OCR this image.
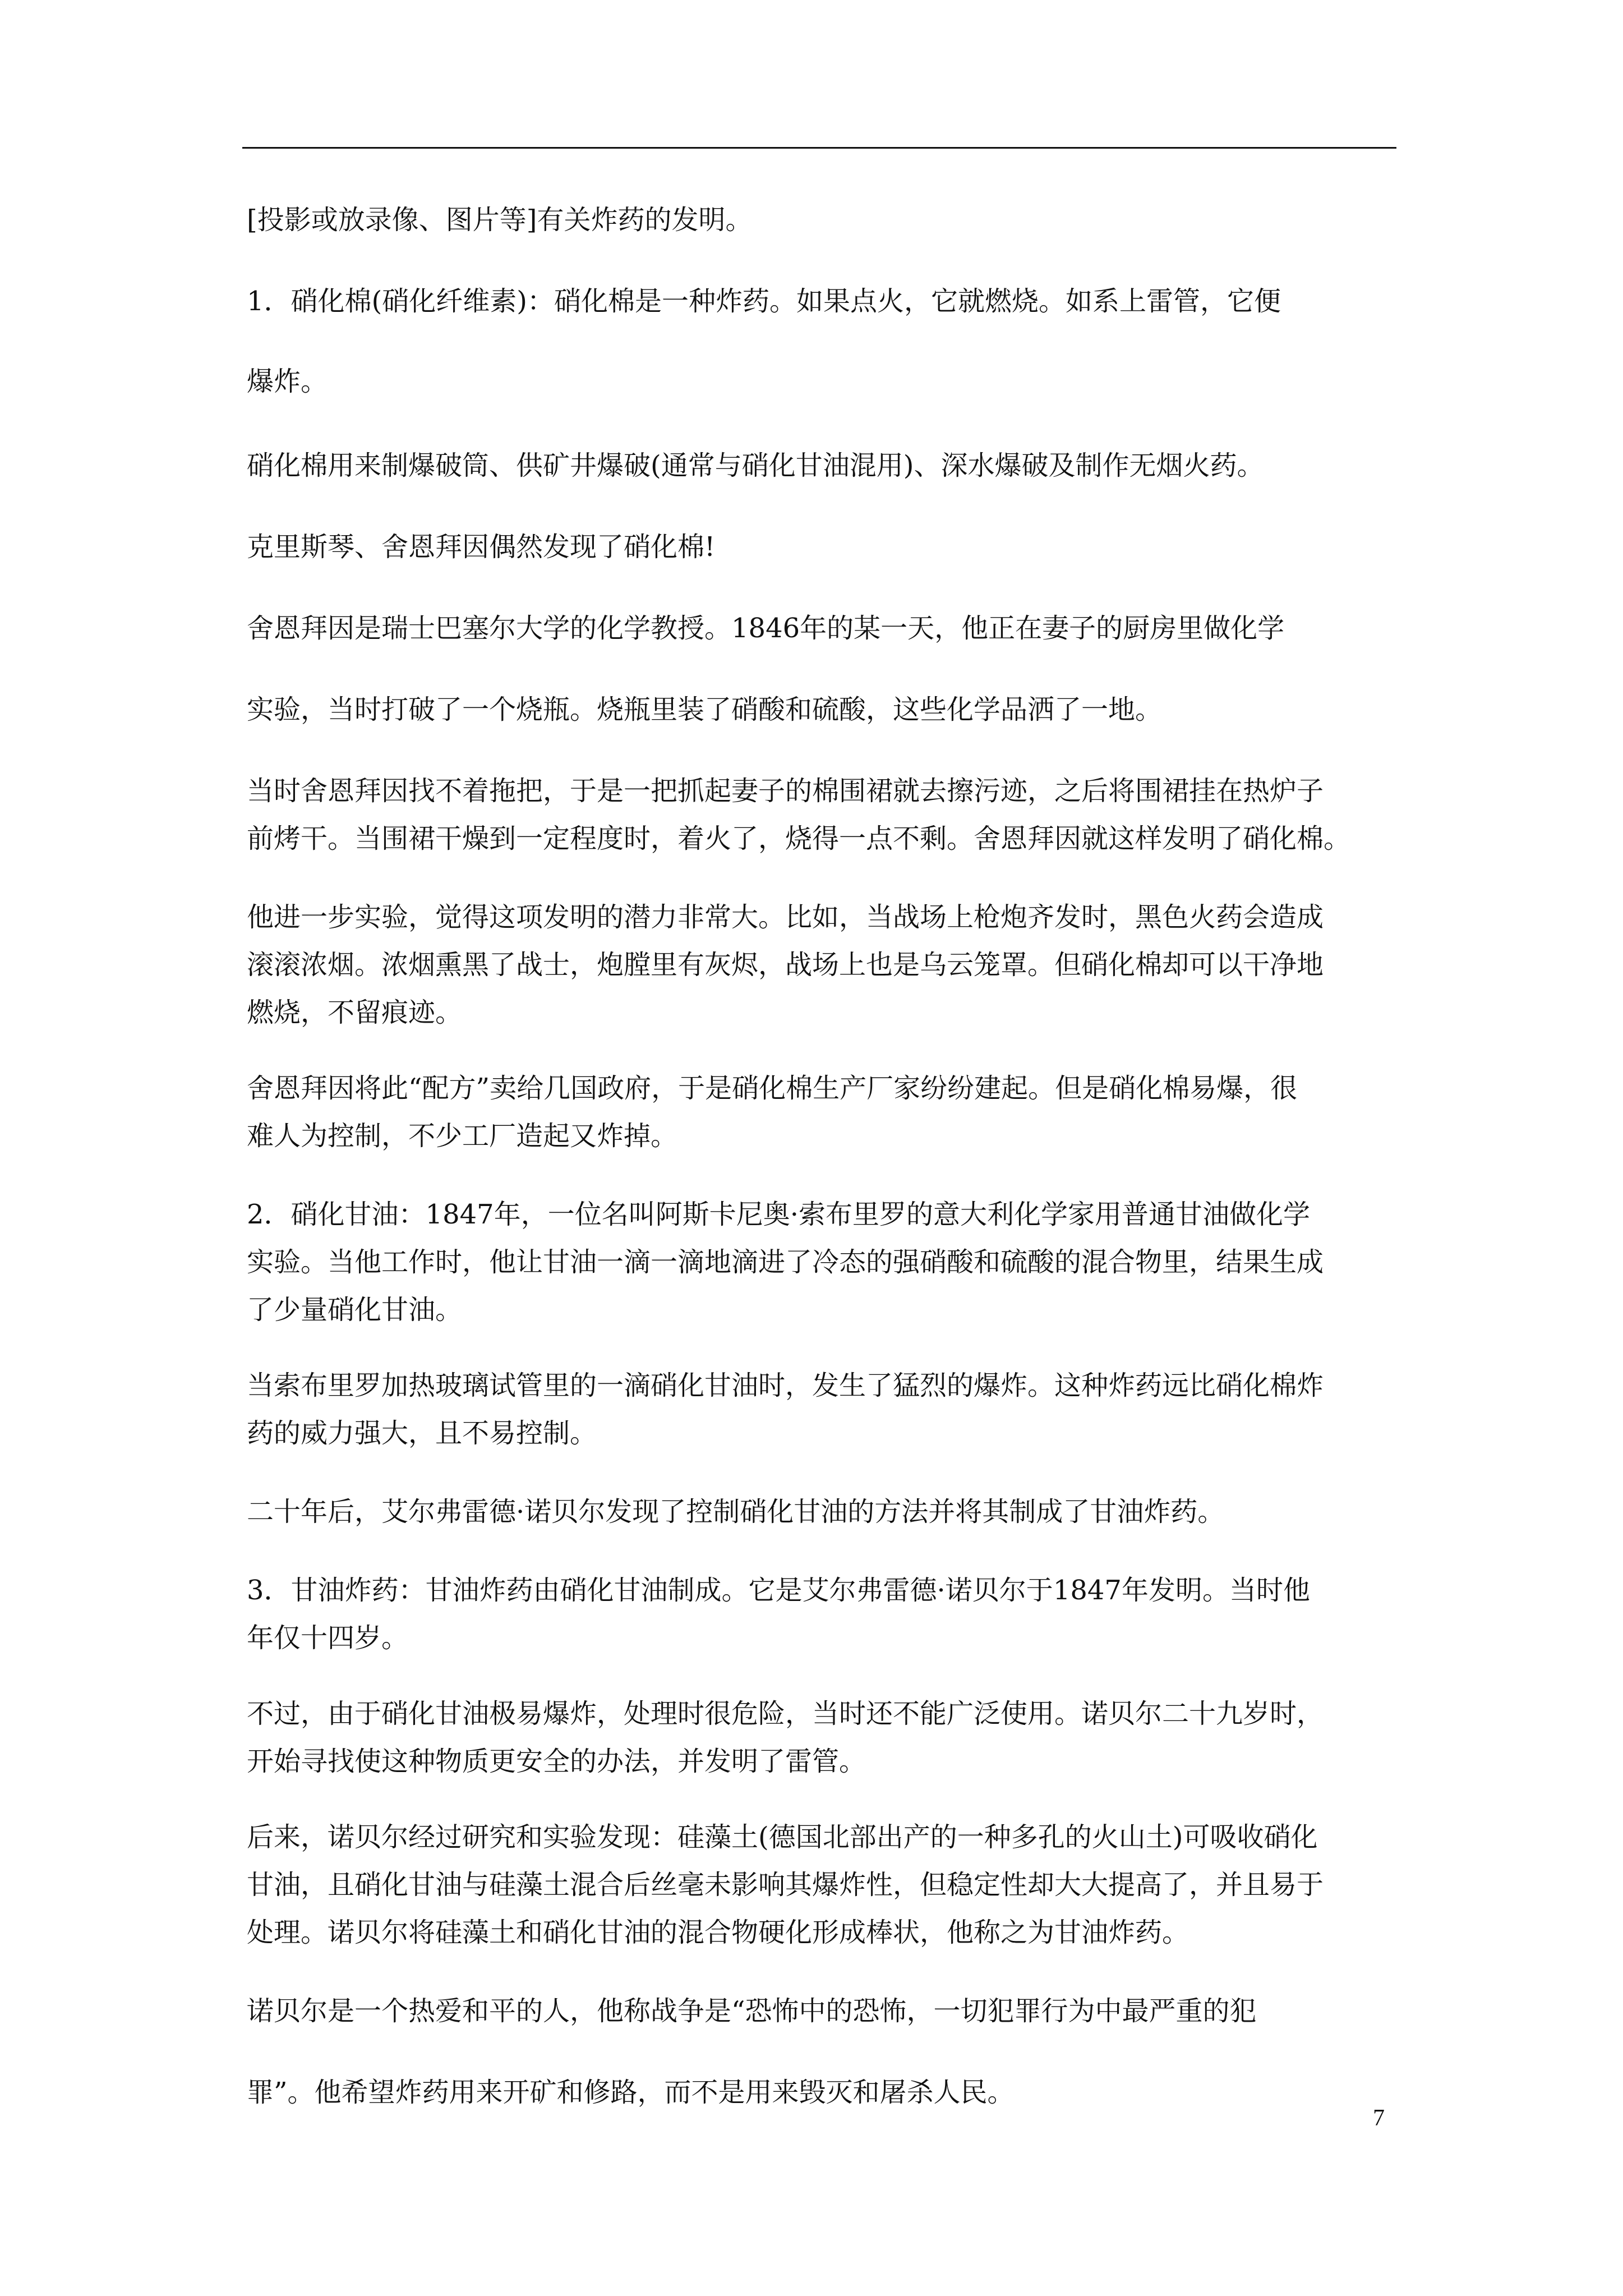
[投影或放录像、图片等]有关炸药的发明。
1．硝化棉(硝化纤维素)：硝化棉是一种炸药。如果点火，它就燃烧。如系上雷管，它便
爆炸。
硝化棉用来制爆破筒、供矿井爆破(通常与硝化甘油混用)、深水爆破及制作无烟火药。
克里斯琴、舍恩拜因偶然发现了硝化棉!
舍恩拜因是瑞士巴塞尔大学的化学教授。1846年的某一天，他正在妻子的厨房里做化学
实验，当时打破了一个烧瓶。烧瓶里装了硝酸和硫酸，这些化学品洒了一地。
当时舍恩拜因找不着拖把，于是一把抓起妻子的棉围裙就去擦污迹，之后将围裙挂在热炉子
前烤干。当围裙干燥到一定程度时，着火了，烧得一点不剩。舍恩拜因就这样发明了硝化棉。
他进一步实验，觉得这项发明的潜力非常大。比如，当战场上枪炮齐发时，黑色火药会造成
滚滚浓烟。浓烟熏黑了战士，炮膛里有灰烬，战场上也是乌云笼罩。但硝化棉却可以干净地
燃烧，不留痕迹。
舍恩拜因将此“配方”卖给几国政府，于是硝化棉生产厂家纷纷建起。但是硝化棉易爆，很
难人为控制，不少工厂造起又炸掉。
2．硝化甘油：1847年，一位名叫阿斯卡尼奥·索布里罗的意大利化学家用普通甘油做化学
实验。当他工作时，他让甘油一滴一滴地滴进了冷态的强硝酸和硫酸的混合物里，结果生成
了少量硝化甘油。
当索布里罗加热玻璃试管里的一滴硝化甘油时，发生了猛烈的爆炸。这种炸药远比硝化棉炸
药的威力强大，且不易控制。
二十年后，艾尔弗雷德·诺贝尔发现了控制硝化甘油的方法并将其制成了甘油炸药。
3．甘油炸药：甘油炸药由硝化甘油制成。它是艾尔弗雷德·诺贝尔于1847年发明。当时他
年仅十四岁。
不过，由于硝化甘油极易爆炸，处理时很危险，当时还不能广泛使用。诺贝尔二十九岁时，
开始寻找使这种物质更安全的办法，并发明了雷管。
后来，诺贝尔经过研究和实验发现：硅藻土(德国北部出产的一种多孔的火山土)可吸收硝化
甘油，且硝化甘油与硅藻土混合后丝毫未影响其爆炸性，但稳定性却大大提高了，并且易于
处理。诺贝尔将硅藻土和硝化甘油的混合物硬化形成棒状，他称之为甘油炸药。
诺贝尔是一个热爱和平的人，他称战争是“恐怖中的恐怖，一切犯罪行为中最严重的犯
罪”。他希望炸药用来开矿和修路，而不是用来毁灭和屠杀人民。
7
